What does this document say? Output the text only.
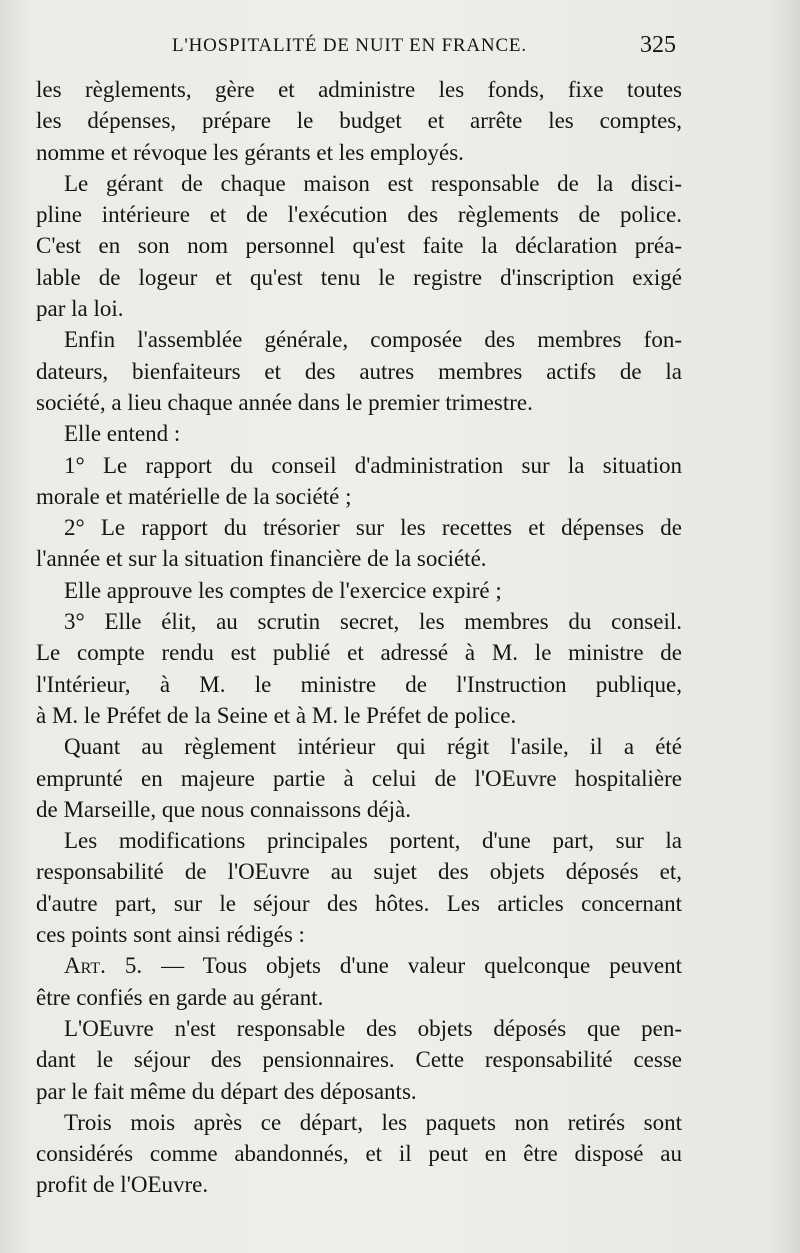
L'HOSPITALITÉ DE NUIT EN FRANCE.	325
les règlements, gère et administre les fonds, fixe toutes
les dépenses, prépare le budget et arrête les comptes,
nomme et révoque les gérants et les employés.
Le gérant de chaque maison est responsable de la disci-
pline intérieure et de l'exécution des règlements de police.
C'est en son nom personnel qu'est faite la déclaration préa-
lable de logeur et qu'est tenu le registre d'inscription exigé
par la loi.
Enfin l'assemblée générale, composée des membres fon-
dateurs, bienfaiteurs et des autres membres actifs de la
société, a lieu chaque année dans le premier trimestre.
Elle entend :
1° Le rapport du conseil d'administration sur la situation
morale et matérielle de la société ;
2° Le rapport du trésorier sur les recettes et dépenses de
l'année et sur la situation financière de la société.
Elle approuve les comptes de l'exercice expiré ;
3° Elle élit, au scrutin secret, les membres du conseil.
Le compte rendu est publié et adressé à M. le ministre de
l'Intérieur, à M. le ministre de l'Instruction publique,
à M. le Préfet de la Seine et à M. le Préfet de police.
Quant au règlement intérieur qui régit l'asile, il a été
emprunté en majeure partie à celui de l'OEuvre hospitalière
de Marseille, que nous connaissons déjà.
Les modifications principales portent, d'une part, sur la
responsabilité de l'OEuvre au sujet des objets déposés et,
d'autre part, sur le séjour des hôtes. Les articles concernant
ces points sont ainsi rédigés :
Art. 5. — Tous objets d'une valeur quelconque peuvent
être confiés en garde au gérant.
L'OEuvre n'est responsable des objets déposés que pen-
dant le séjour des pensionnaires. Cette responsabilité cesse
par le fait même du départ des déposants.
Trois mois après ce départ, les paquets non retirés sont
considérés comme abandonnés, et il peut en être disposé au
profit de l'OEuvre.
